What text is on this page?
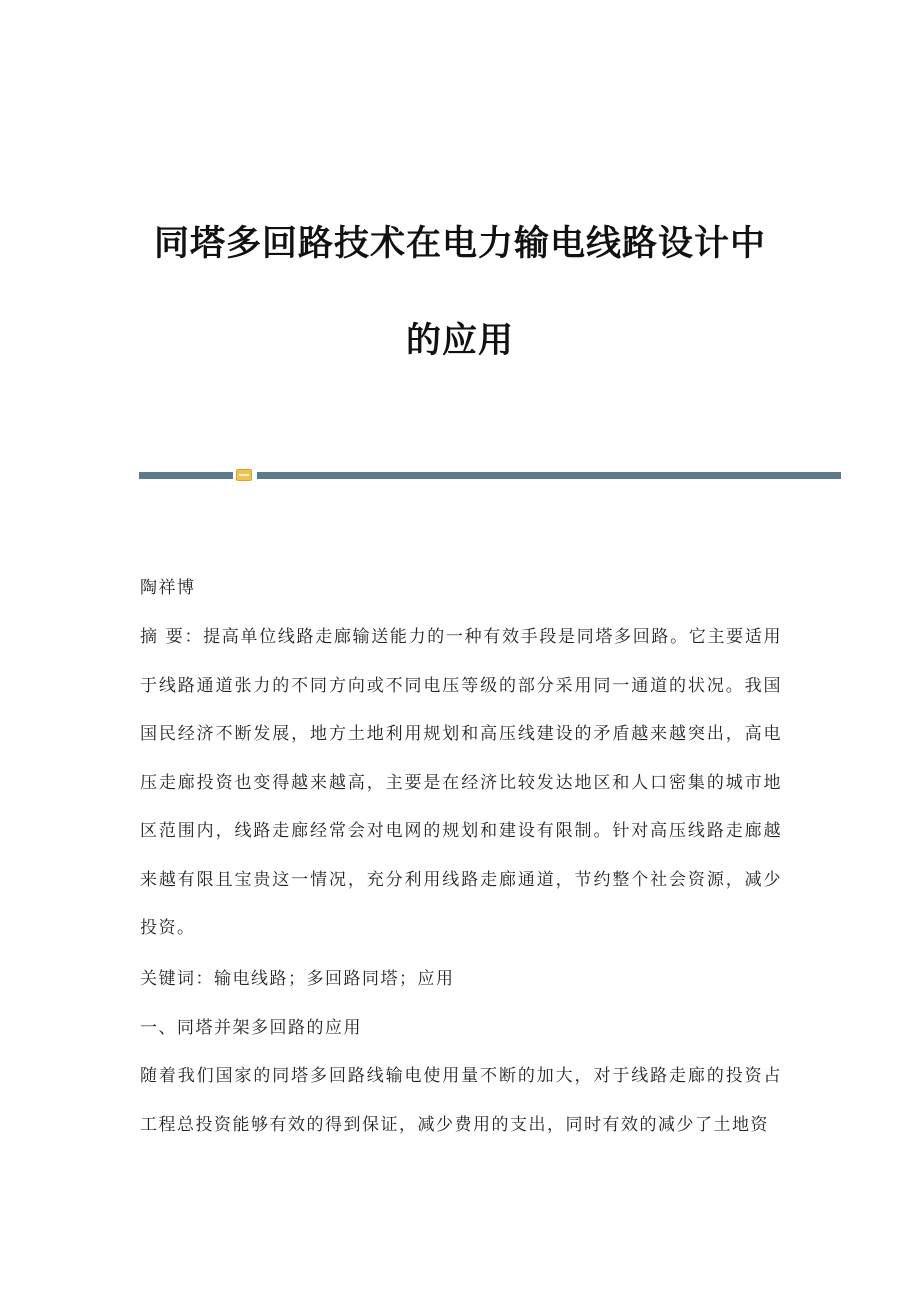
同塔多回路技术在电力输电线路设计中
的应用

陶祥博

摘 要：提高单位线路走廊输送能力的一种有效手段是同塔多回路。它主要适用于线路通道张力的不同方向或不同电压等级的部分采用同一通道的状况。我国国民经济不断发展，地方土地利用规划和高压线建设的矛盾越来越突出，高电压走廊投资也变得越来越高，主要是在经济比较发达地区和人口密集的城市地区范围内，线路走廊经常会对电网的规划和建设有限制。针对高压线路走廊越来越有限且宝贵这一情况，充分利用线路走廊通道，节约整个社会资源，减少投资。

关键词：输电线路；多回路同塔；应用

一、同塔并架多回路的应用

随着我们国家的同塔多回路线输电使用量不断的加大，对于线路走廊的投资占工程总投资能够有效的得到保证，减少费用的支出，同时有效的减少了土地资
